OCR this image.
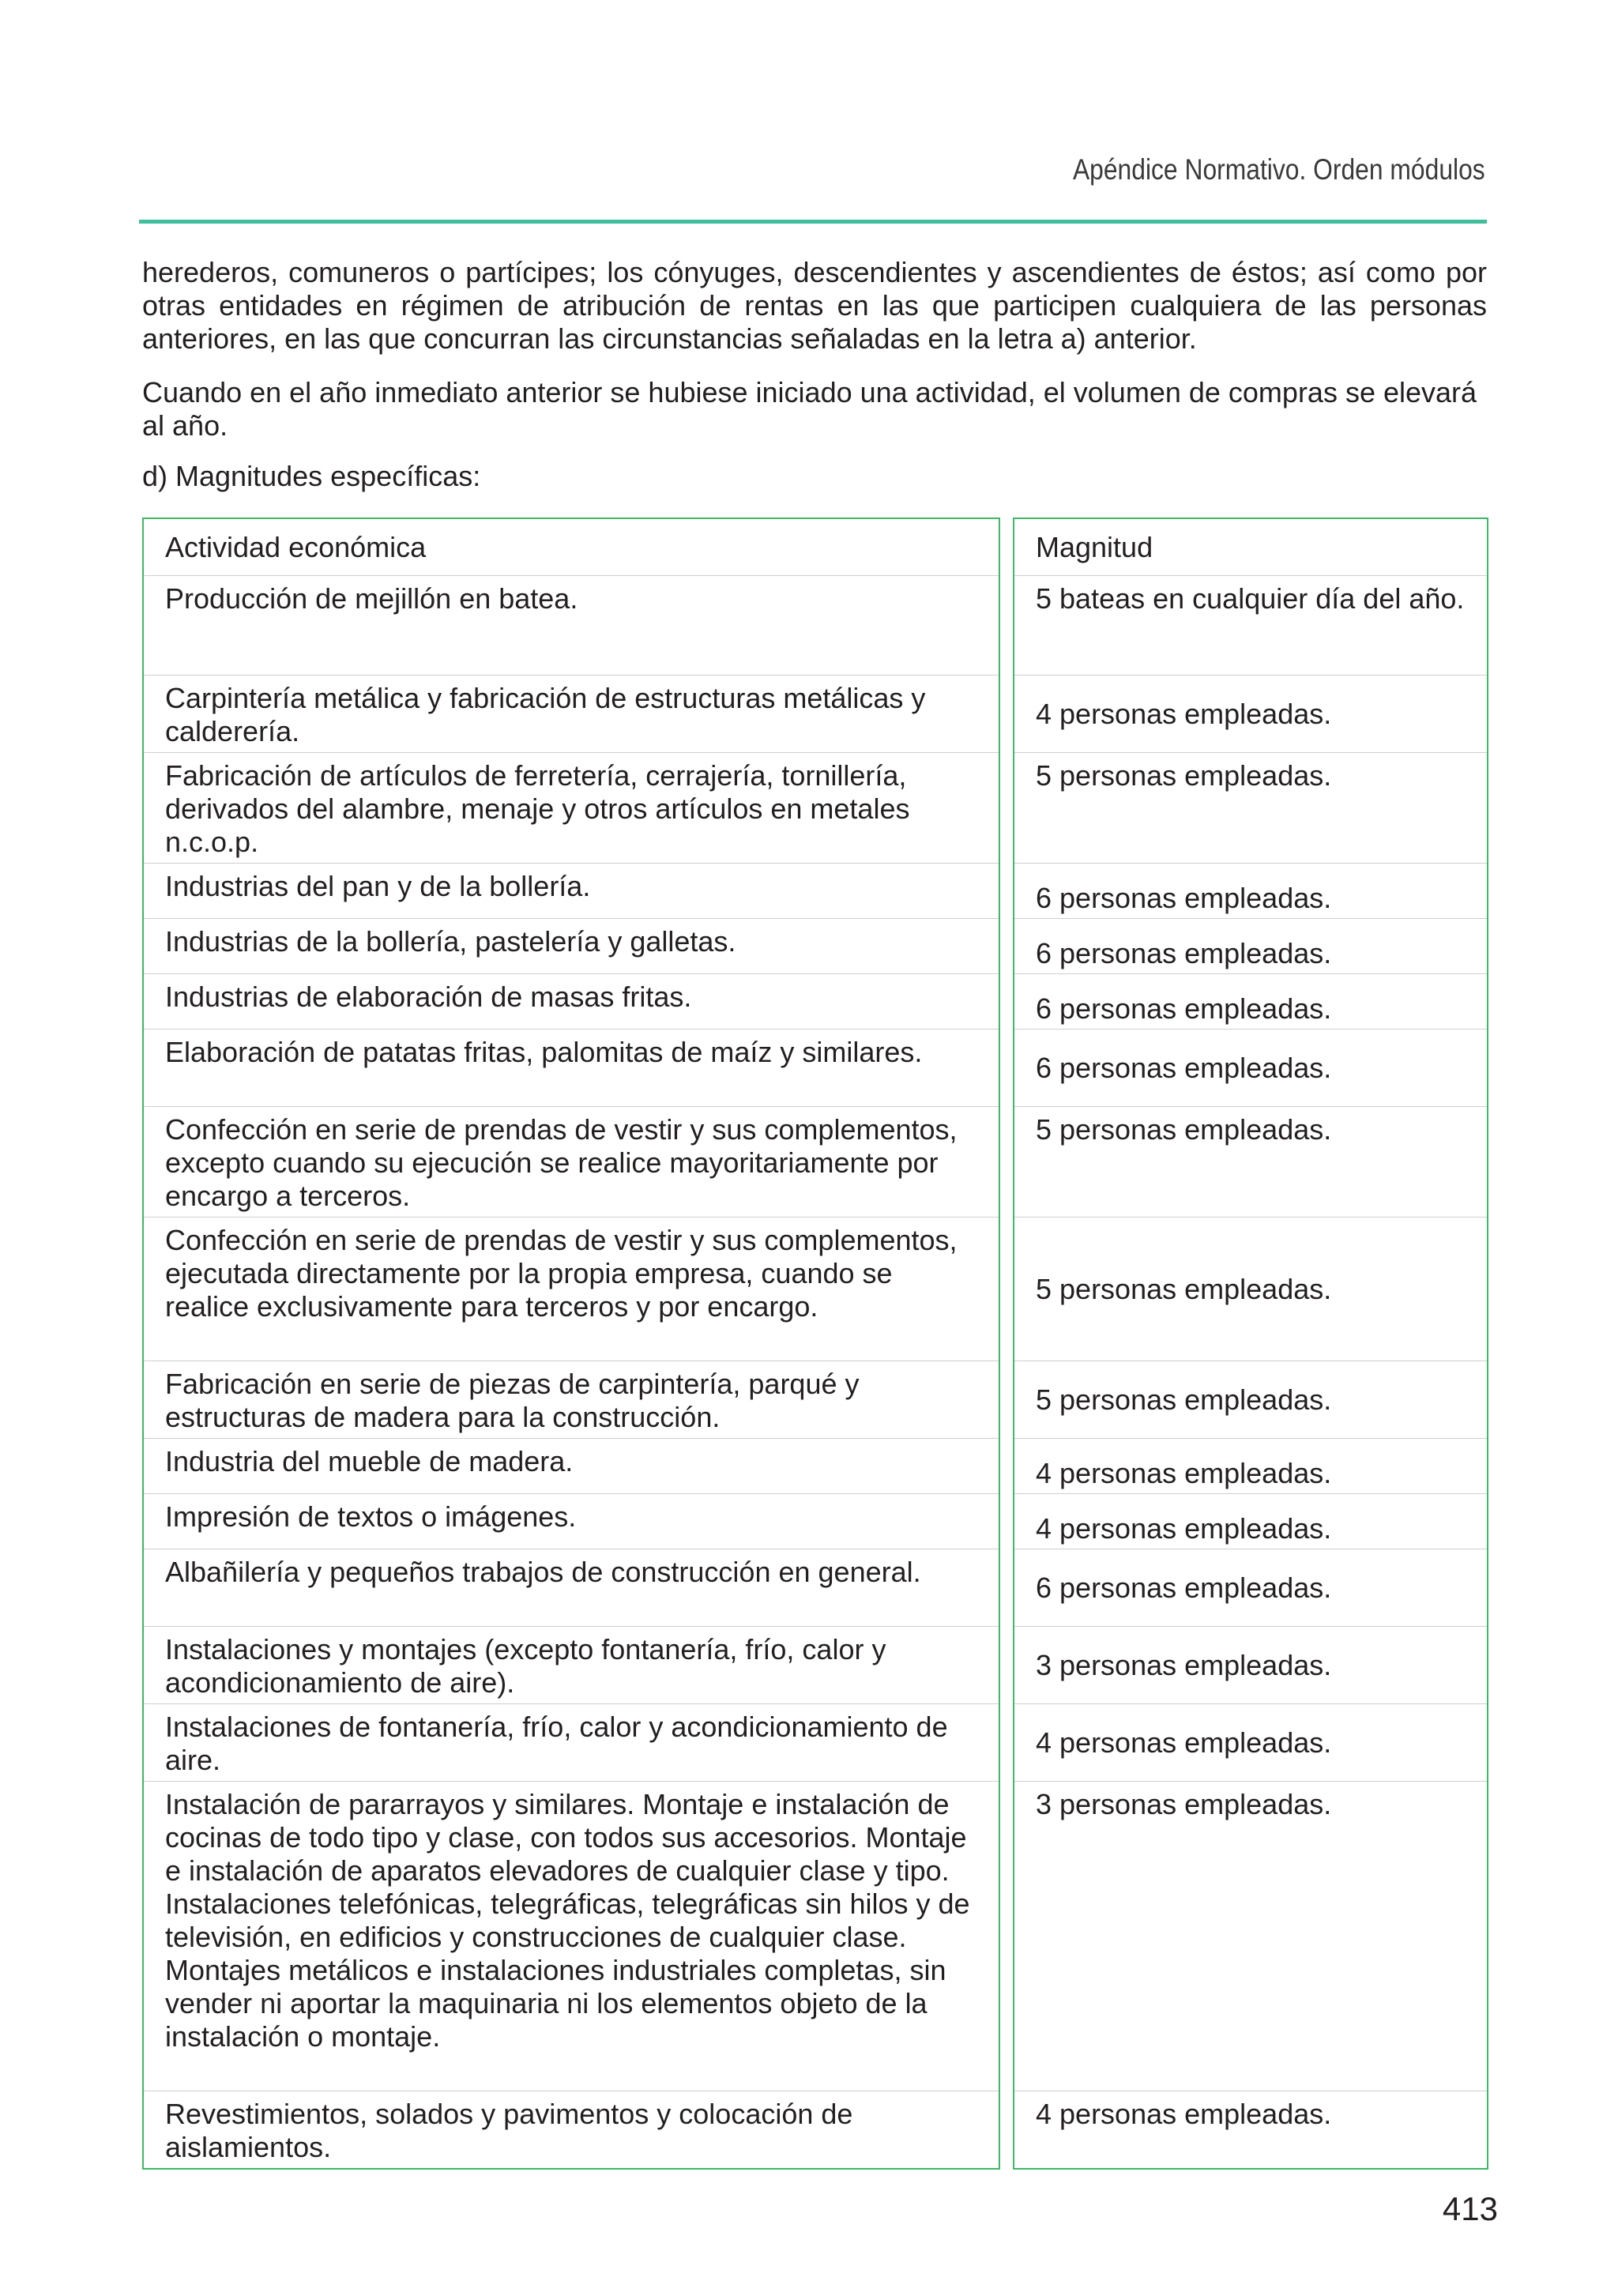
Apéndice Normativo. Orden módulos

herederos, comuneros o partícipes; los cónyuges, descendientes y ascendientes de éstos; así como por otras entidades en régimen de atribución de rentas en las que participen cualquiera de las personas anteriores, en las que concurran las circunstancias señaladas en la letra a) anterior.

Cuando en el año inmediato anterior se hubiese iniciado una actividad, el volumen de compras se elevará al año.

d) Magnitudes específicas:

Actividad económica
Producción de mejillón en batea.
Carpintería metálica y fabricación de estructuras metálicas y calderería.
Fabricación de artículos de ferretería, cerrajería, tornillería, derivados del alambre, menaje y otros artículos en metales n.c.o.p.
Industrias del pan y de la bollería.
Industrias de la bollería, pastelería y galletas.
Industrias de elaboración de masas fritas.
Elaboración de patatas fritas, palomitas de maíz y similares.
Confección en serie de prendas de vestir y sus complementos, excepto cuando su ejecución se realice mayoritariamente por encargo a terceros.
Confección en serie de prendas de vestir y sus complementos, ejecutada directamente por la propia empresa, cuando se realice exclusivamente para terceros y por encargo.
Fabricación en serie de piezas de carpintería, parqué y estructuras de madera para la construcción.
Industria del mueble de madera.
Impresión de textos o imágenes.
Albañilería y pequeños trabajos de construcción en general.
Instalaciones y montajes (excepto fontanería, frío, calor y acondicionamiento de aire).
Instalaciones de fontanería, frío, calor y acondicionamiento de aire.
Instalación de pararrayos y similares. Montaje e instalación de cocinas de todo tipo y clase, con todos sus accesorios. Montaje e instalación de aparatos elevadores de cualquier clase y tipo. Instalaciones telefónicas, telegráficas, telegráficas sin hilos y de televisión, en edificios y construcciones de cualquier clase. Montajes metálicos e instalaciones industriales completas, sin vender ni aportar la maquinaria ni los elementos objeto de la instalación o montaje.
Revestimientos, solados y pavimentos y colocación de aislamientos.
Magnitud
5 bateas en cualquier día del año.
4 personas empleadas.
5 personas empleadas.
6 personas empleadas.
6 personas empleadas.
6 personas empleadas.
6 personas empleadas.
5 personas empleadas.
5 personas empleadas.
5 personas empleadas.
4 personas empleadas.
4 personas empleadas.
6 personas empleadas.
3 personas empleadas.
4 personas empleadas.
3 personas empleadas.
4 personas empleadas.
413
